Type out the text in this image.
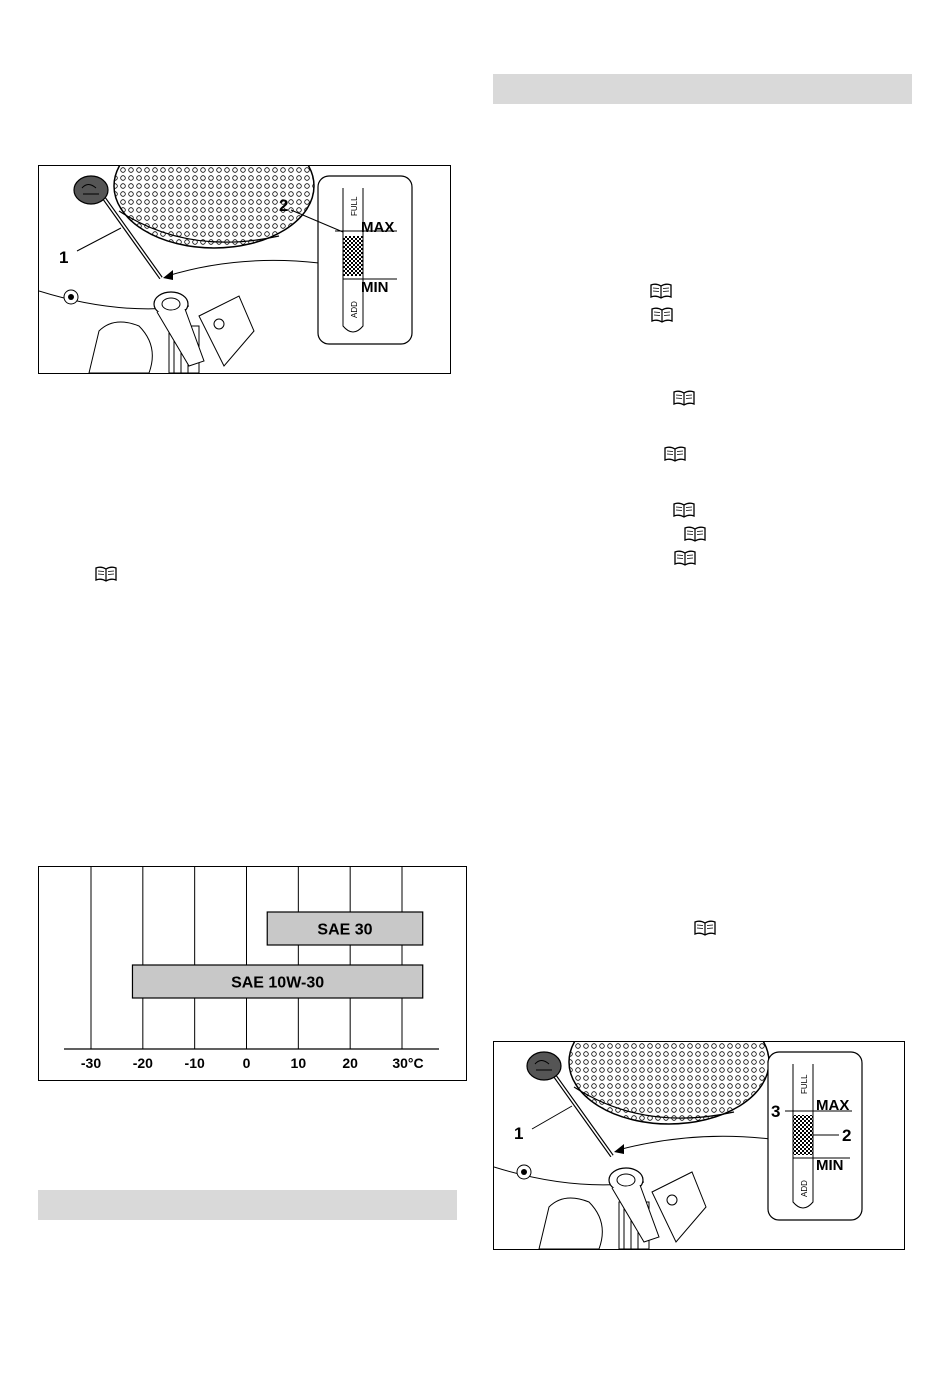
1
MAX
MIN
FULL
ADD
2
-30 -20 -10	0	10	20 30°C
SAE 30
SAE 10W-30
1
MAX
MIN
FULL
ADD
3
2
